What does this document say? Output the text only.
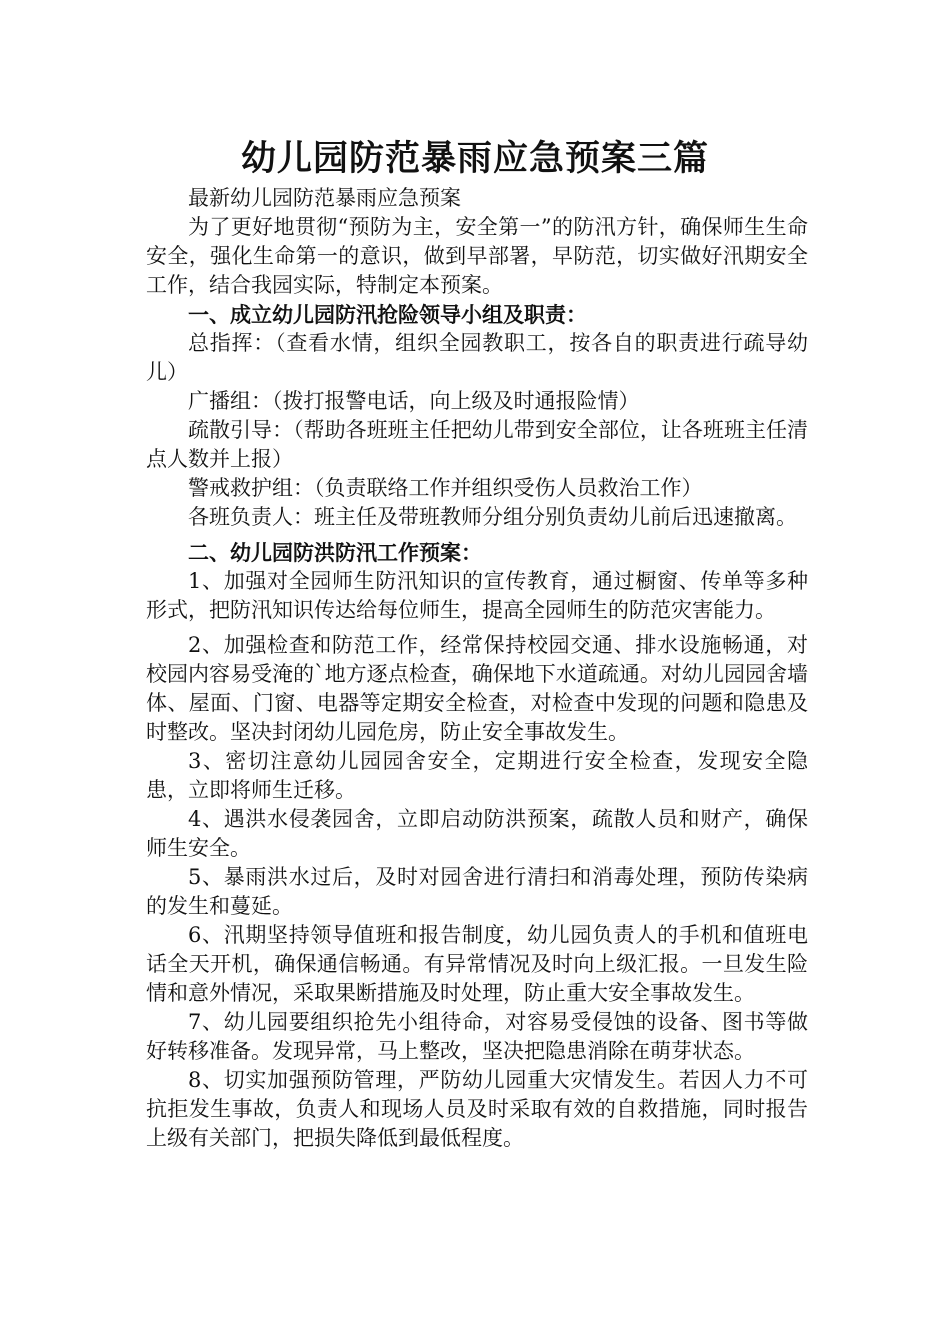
幼儿园防范暴雨应急预案三篇

最新幼儿园防范暴雨应急预案

为了更好地贯彻“预防为主，安全第一”的防汛方针，确保师生生命安全，强化生命第一的意识，做到早部署，早防范，切实做好汛期安全工作，结合我园实际，特制定本预案。

一、成立幼儿园防汛抢险领导小组及职责：

总指挥：（查看水情，组织全园教职工，按各自的职责进行疏导幼儿）

广播组：（拨打报警电话，向上级及时通报险情）

疏散引导：（帮助各班班主任把幼儿带到安全部位，让各班班主任清点人数并上报）

警戒救护组：（负责联络工作并组织受伤人员救治工作）

各班负责人：班主任及带班教师分组分别负责幼儿前后迅速撤离。

二、幼儿园防洪防汛工作预案：

1、加强对全园师生防汛知识的宣传教育，通过橱窗、传单等多种形式，把防汛知识传达给每位师生，提高全园师生的防范灾害能力。

2、加强检查和防范工作，经常保持校园交通、排水设施畅通，对校园内容易受淹的`地方逐点检查，确保地下水道疏通。对幼儿园园舍墙体、屋面、门窗、电器等定期安全检查，对检查中发现的问题和隐患及时整改。坚决封闭幼儿园危房，防止安全事故发生。

3、密切注意幼儿园园舍安全，定期进行安全检查，发现安全隐患，立即将师生迁移。

4、遇洪水侵袭园舍，立即启动防洪预案，疏散人员和财产，确保师生安全。

5、暴雨洪水过后，及时对园舍进行清扫和消毒处理，预防传染病的发生和蔓延。

6、汛期坚持领导值班和报告制度，幼儿园负责人的手机和值班电话全天开机，确保通信畅通。有异常情况及时向上级汇报。一旦发生险情和意外情况，采取果断措施及时处理，防止重大安全事故发生。

7、幼儿园要组织抢先小组待命，对容易受侵蚀的设备、图书等做好转移准备。发现异常，马上整改，坚决把隐患消除在萌芽状态。

8、切实加强预防管理，严防幼儿园重大灾情发生。若因人力不可抗拒发生事故，负责人和现场人员及时采取有效的自救措施，同时报告上级有关部门，把损失降低到最低程度。
